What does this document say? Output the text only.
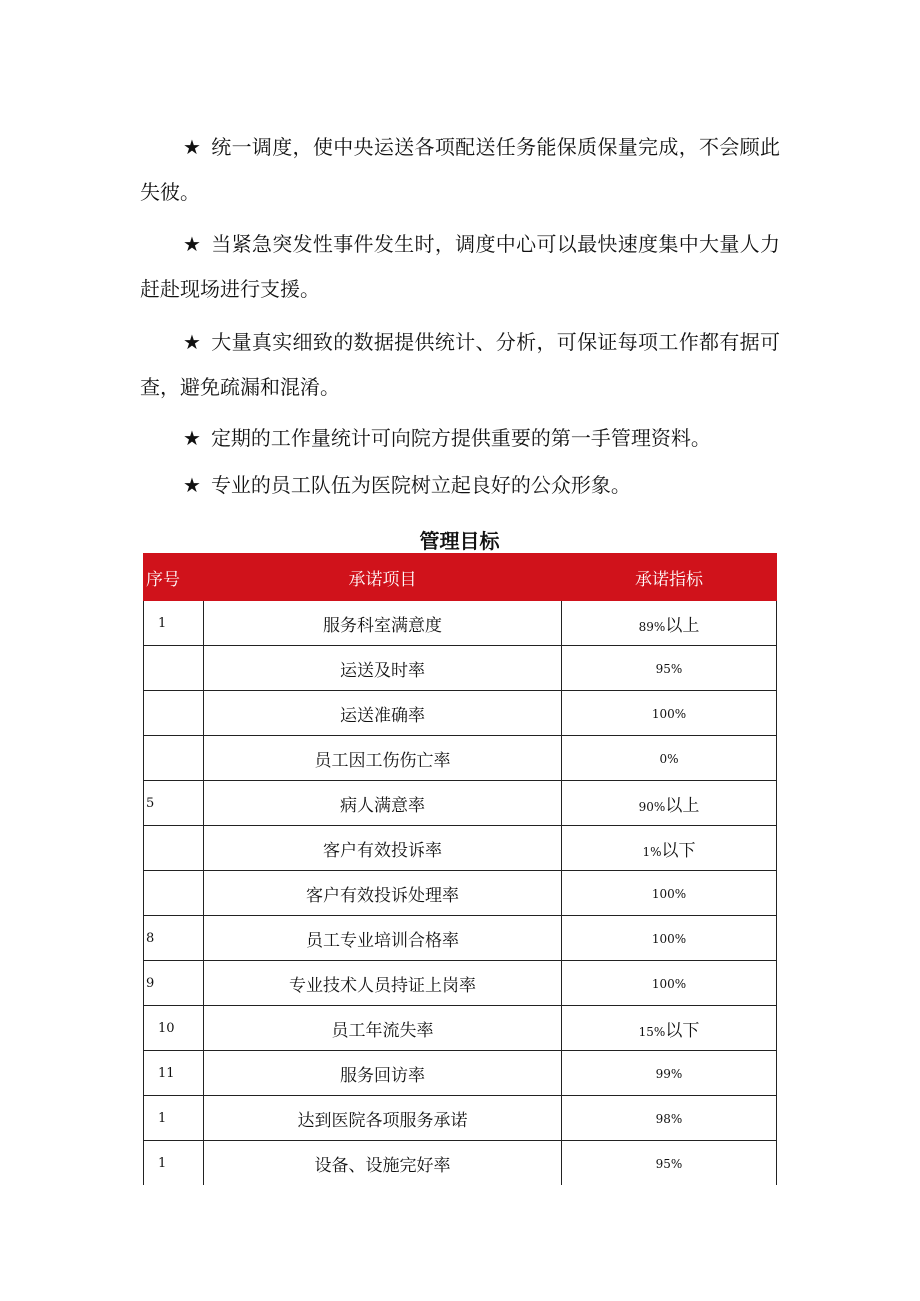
★ 统一调度，使中央运送各项配送任务能保质保量完成，不会顾此失彼。

★ 当紧急突发性事件发生时，调度中心可以最快速度集中大量人力赶赴现场进行支援。

★ 大量真实细致的数据提供统计、分析，可保证每项工作都有据可查，避免疏漏和混淆。

★ 定期的工作量统计可向院方提供重要的第一手管理资料。

★ 专业的员工队伍为医院树立起良好的公众形象。

管理目标
序号	承诺项目	承诺指标
1	服务科室满意度	89%以上
	运送及时率	95%
	运送准确率	100%
	员工因工伤伤亡率	0%
5	病人满意率	90%以上
	客户有效投诉率	1%以下
	客户有效投诉处理率	100%
8	员工专业培训合格率	100%
9	专业技术人员持证上岗率	100%
10	员工年流失率	15%以下
11	服务回访率	99%
1	达到医院各项服务承诺	98%
1	设备、设施完好率	95%
